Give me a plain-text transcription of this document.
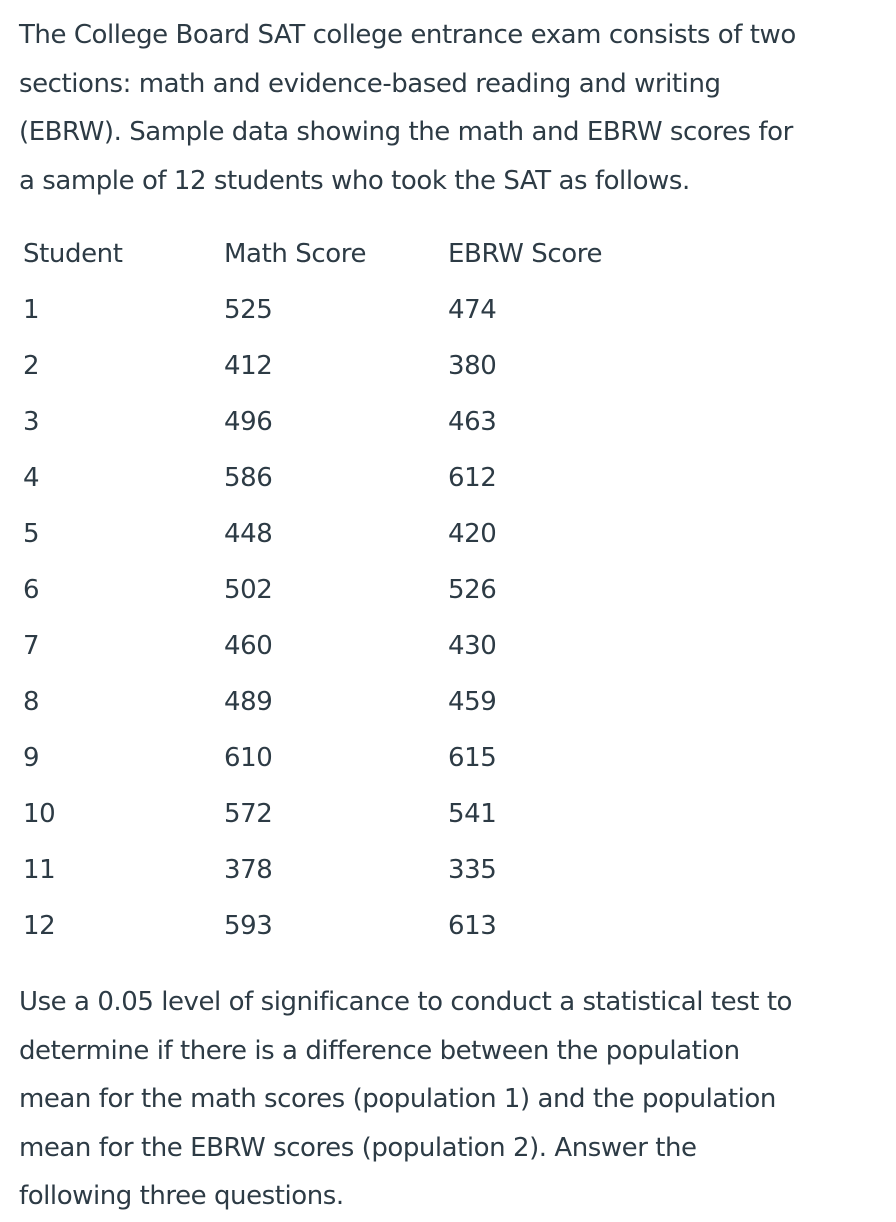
The College Board SAT college entrance exam consists of two
sections: math and evidence-based reading and writing
(EBRW). Sample data showing the math and EBRW scores for
a sample of 12 students who took the SAT as follows.
Student	Math Score	EBRW Score
1	525	474
2	412	380
3	496	463
4	586	612
5	448	420
6	502	526
7	460	430
8	489	459
9	610	615
10	572	541
11	378	335
12	593	613
Use a 0.05 level of significance to conduct a statistical test to
determine if there is a difference between the population
mean for the math scores (population 1) and the population
mean for the EBRW scores (population 2). Answer the
following three questions.
